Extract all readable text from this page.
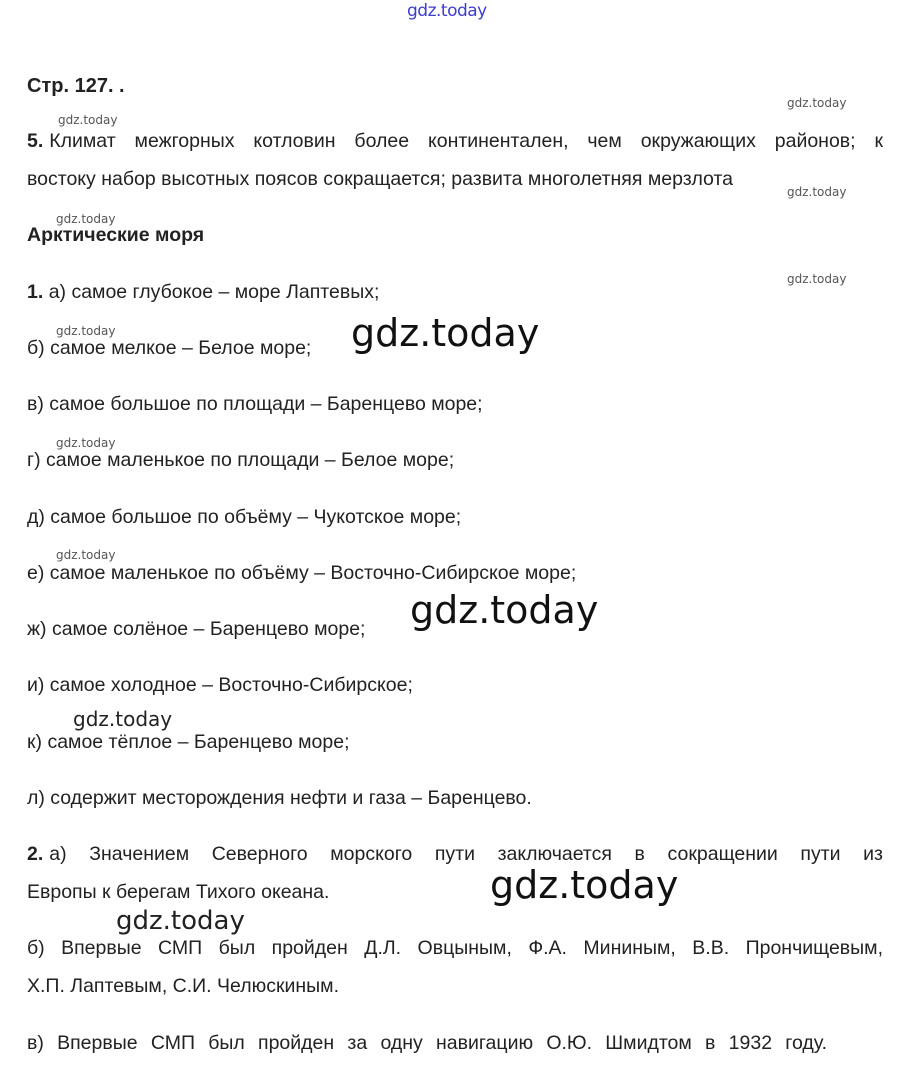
gdz.today
gdz.today
gdz.today
gdz.today
gdz.today
gdz.today
gdz.today
gdz.today
gdz.today
gdz.today
gdz.today
gdz.today
gdz.today
gdz.today
Стр. 127. .
5. Климат межгорных котловин более континентален, чем окружающих районов; к
востоку набор высотных поясов сокращается; развита многолетняя мерзлота
Арктические моря
1. а) самое глубокое – море Лаптевых;
б) самое мелкое – Белое море;
в) самое большое по площади – Баренцево море;
г) самое маленькое по площади – Белое море;
д) самое большое по объёму – Чукотское море;
е) самое маленькое по объёму – Восточно-Сибирское море;
ж) самое солёное – Баренцево море;
и) самое холодное – Восточно-Сибирское;
к) самое тёплое – Баренцево море;
л) содержит месторождения нефти и газа – Баренцево.
2. а) Значением Северного морского пути заключается в сокращении пути из
Европы к берегам Тихого океана.
б) Впервые СМП был пройден Д.Л. Овцыным, Ф.А. Мининым, В.В. Прончищевым,
Х.П. Лаптевым, С.И. Челюскиным.
в) Впервые СМП был пройден за одну навигацию О.Ю. Шмидтом в 1932 году.
